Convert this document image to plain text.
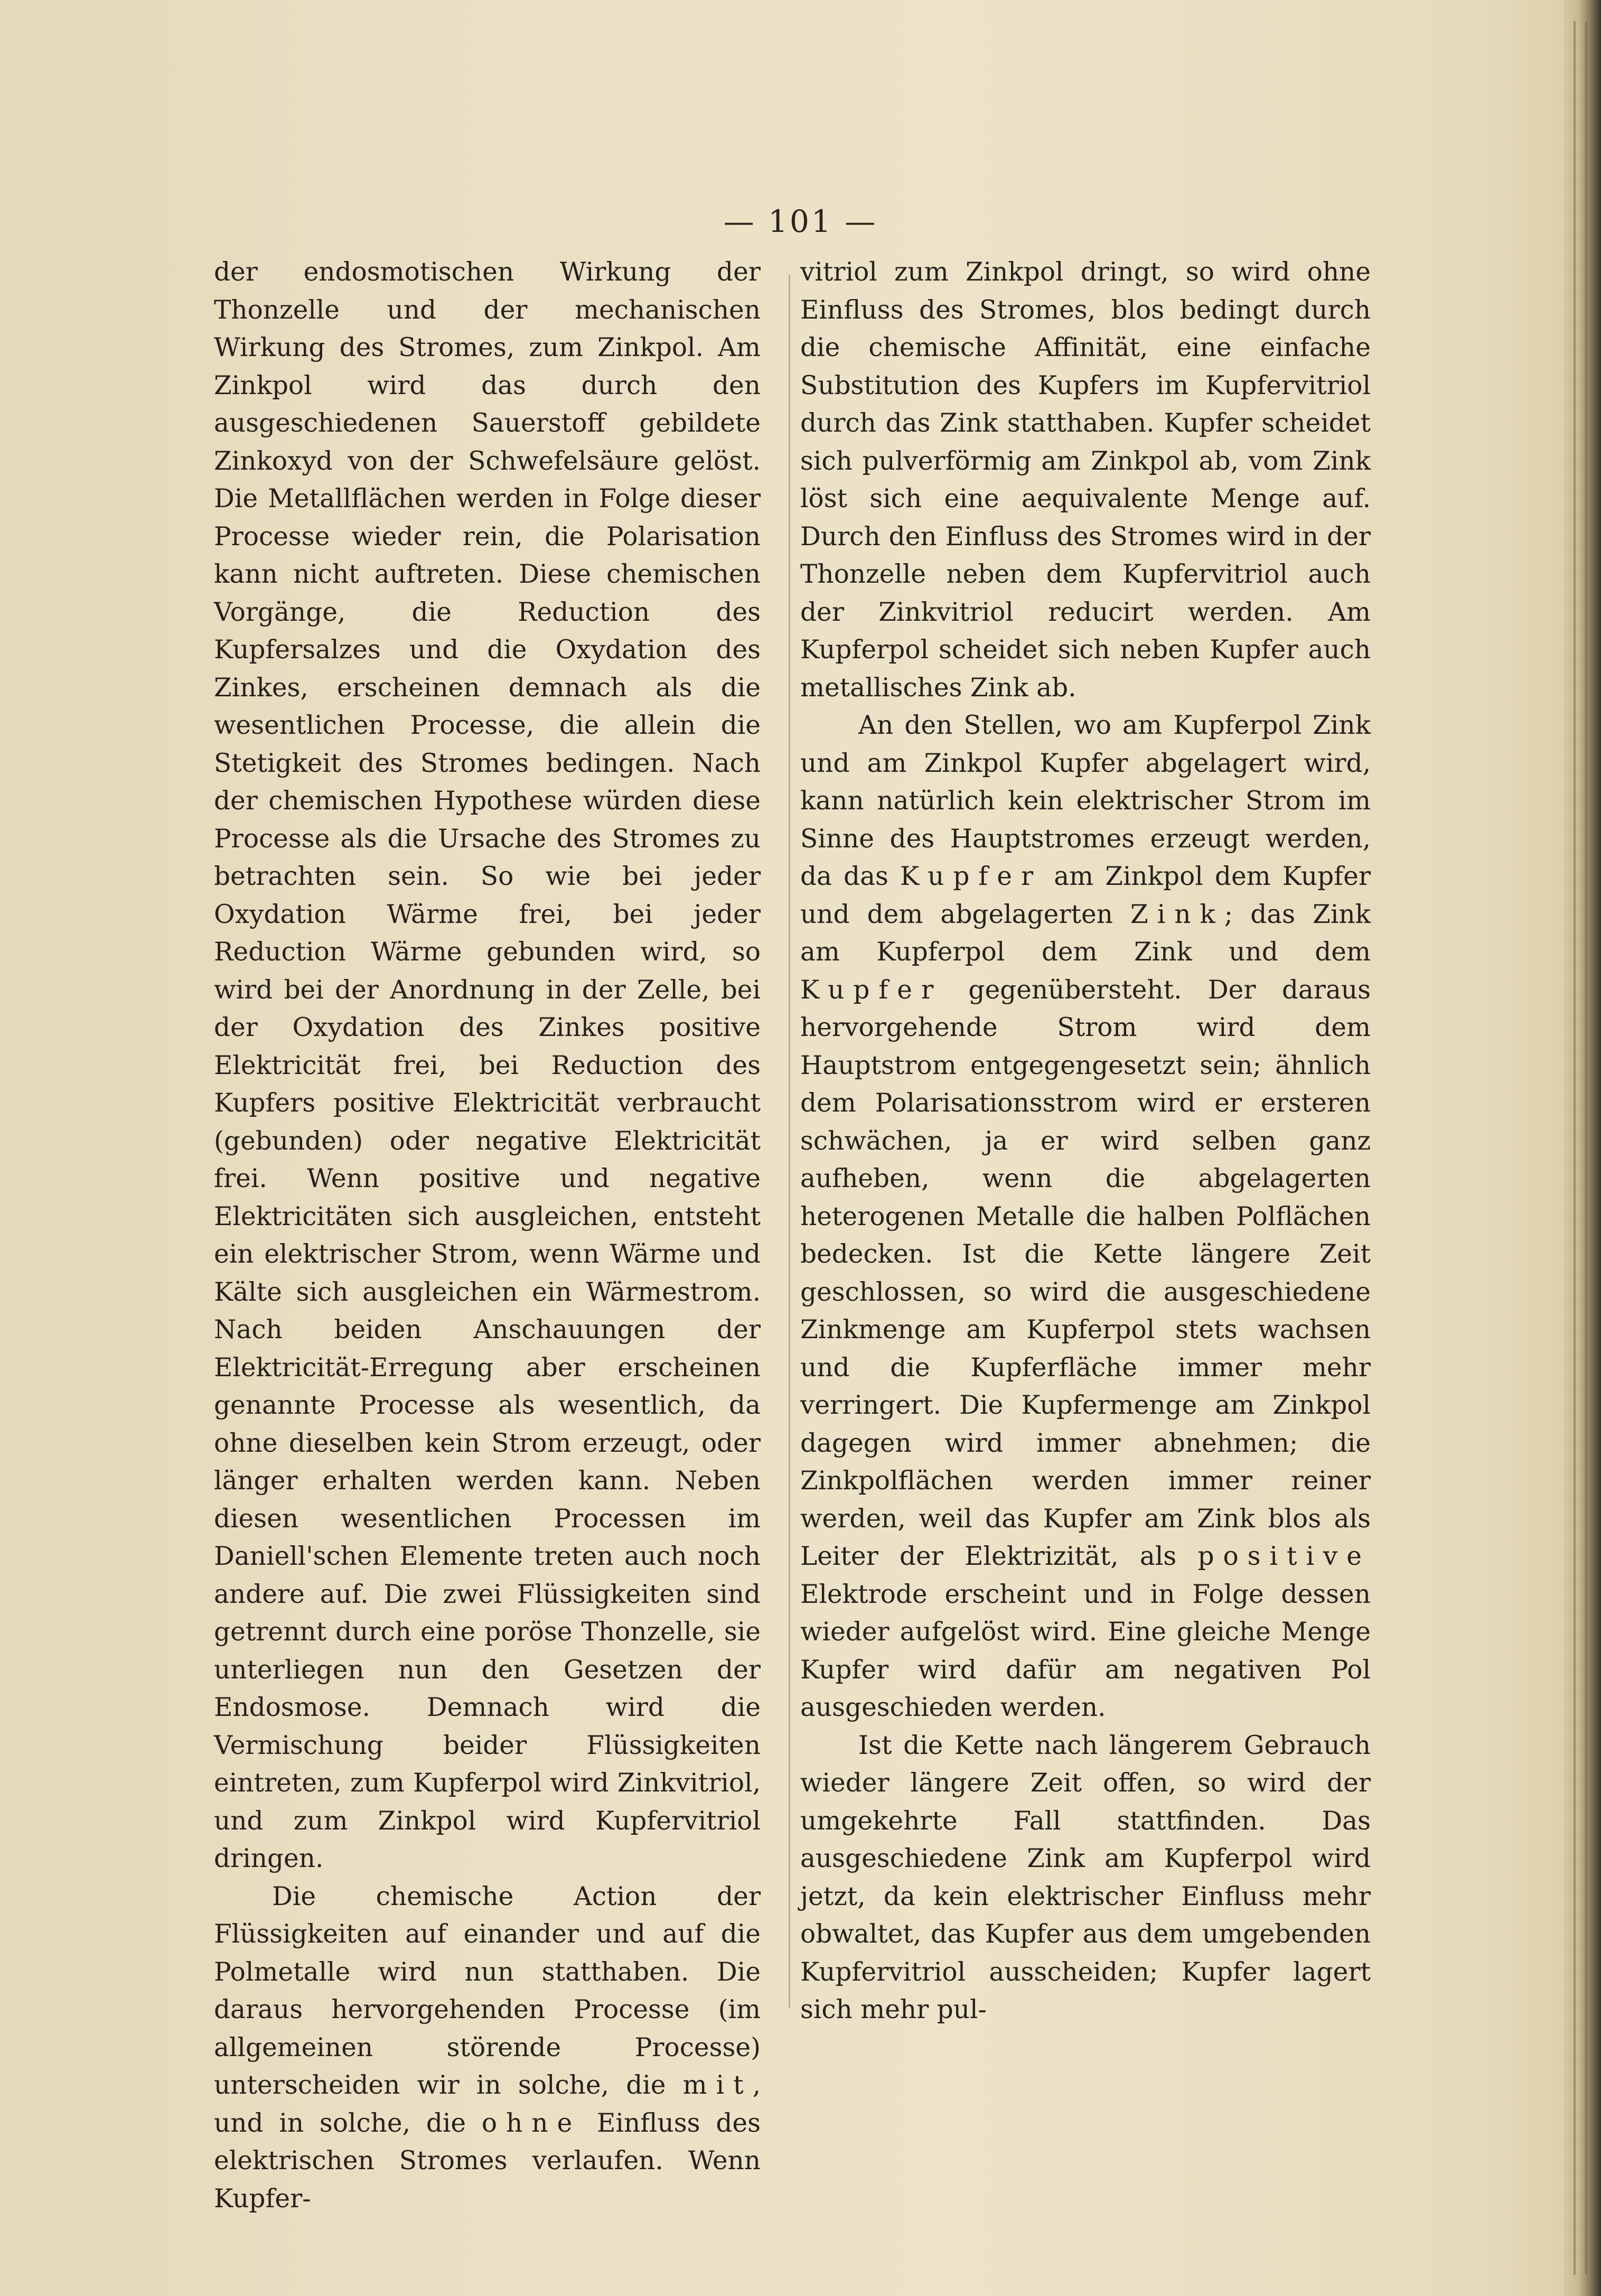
— 101 —

der endosmotischen Wirkung der Thonzelle und der mechanischen Wirkung des Stromes, zum Zinkpol. Am Zinkpol wird das durch den ausgeschiedenen Sauerstoff gebildete Zinkoxyd von der Schwefelsäure gelöst. Die Metallflächen werden in Folge dieser Processe wieder rein, die Polarisation kann nicht auftreten. Diese chemischen Vorgänge, die Reduction des Kupfersalzes und die Oxydation des Zinkes, erscheinen demnach als die wesentlichen Processe, die allein die Stetigkeit des Stromes bedingen. Nach der chemischen Hypothese würden diese Processe als die Ursache des Stromes zu betrachten sein. So wie bei jeder Oxydation Wärme frei, bei jeder Reduction Wärme gebunden wird, so wird bei der Anordnung in der Zelle, bei der Oxydation des Zinkes positive Elektricität frei, bei Reduction des Kupfers positive Elektricität verbraucht (gebunden) oder negative Elektricität frei. Wenn positive und negative Elektricitäten sich ausgleichen, entsteht ein elektrischer Strom, wenn Wärme und Kälte sich ausgleichen ein Wärmestrom. Nach beiden Anschauungen der Elektricität-Erregung aber erscheinen genannte Processe als wesentlich, da ohne dieselben kein Strom erzeugt, oder länger erhalten werden kann. Neben diesen wesentlichen Processen im Daniell'schen Elemente treten auch noch andere auf. Die zwei Flüssigkeiten sind getrennt durch eine poröse Thonzelle, sie unterliegen nun den Gesetzen der Endosmose. Demnach wird die Vermischung beider Flüssigkeiten eintreten, zum Kupferpol wird Zinkvitriol, und zum Zinkpol wird Kupfervitriol dringen.

Die chemische Action der Flüssigkeiten auf einander und auf die Polmetalle wird nun statthaben. Die daraus hervorgehenden Processe (im allgemeinen störende Processe) unterscheiden wir in solche, die mit, und in solche, die ohne Einfluss des elektrischen Stromes verlaufen. Wenn Kupfer-

vitriol zum Zinkpol dringt, so wird ohne Einfluss des Stromes, blos bedingt durch die chemische Affinität, eine einfache Substitution des Kupfers im Kupfervitriol durch das Zink statthaben. Kupfer scheidet sich pulverförmig am Zinkpol ab, vom Zink löst sich eine aequivalente Menge auf. Durch den Einfluss des Stromes wird in der Thonzelle neben dem Kupfervitriol auch der Zinkvitriol reducirt werden. Am Kupferpol scheidet sich neben Kupfer auch metallisches Zink ab.

An den Stellen, wo am Kupferpol Zink und am Zinkpol Kupfer abgelagert wird, kann natürlich kein elektrischer Strom im Sinne des Hauptstromes erzeugt werden, da das Kupfer am Zinkpol dem Kupfer und dem abgelagerten Zink; das Zink am Kupferpol dem Zink und dem Kupfer gegenübersteht. Der daraus hervorgehende Strom wird dem Hauptstrom entgegengesetzt sein; ähnlich dem Polarisationsstrom wird er ersteren schwächen, ja er wird selben ganz aufheben, wenn die abgelagerten heterogenen Metalle die halben Polflächen bedecken. Ist die Kette längere Zeit geschlossen, so wird die ausgeschiedene Zinkmenge am Kupferpol stets wachsen und die Kupferfläche immer mehr verringert. Die Kupfermenge am Zinkpol dagegen wird immer abnehmen; die Zinkpolflächen werden immer reiner werden, weil das Kupfer am Zink blos als Leiter der Elektrizität, als positive Elektrode erscheint und in Folge dessen wieder aufgelöst wird. Eine gleiche Menge Kupfer wird dafür am negativen Pol ausgeschieden werden.

Ist die Kette nach längerem Gebrauch wieder längere Zeit offen, so wird der umgekehrte Fall stattfinden. Das ausgeschiedene Zink am Kupferpol wird jetzt, da kein elektrischer Einfluss mehr obwaltet, das Kupfer aus dem umgebenden Kupfervitriol ausscheiden; Kupfer lagert sich mehr pul-
